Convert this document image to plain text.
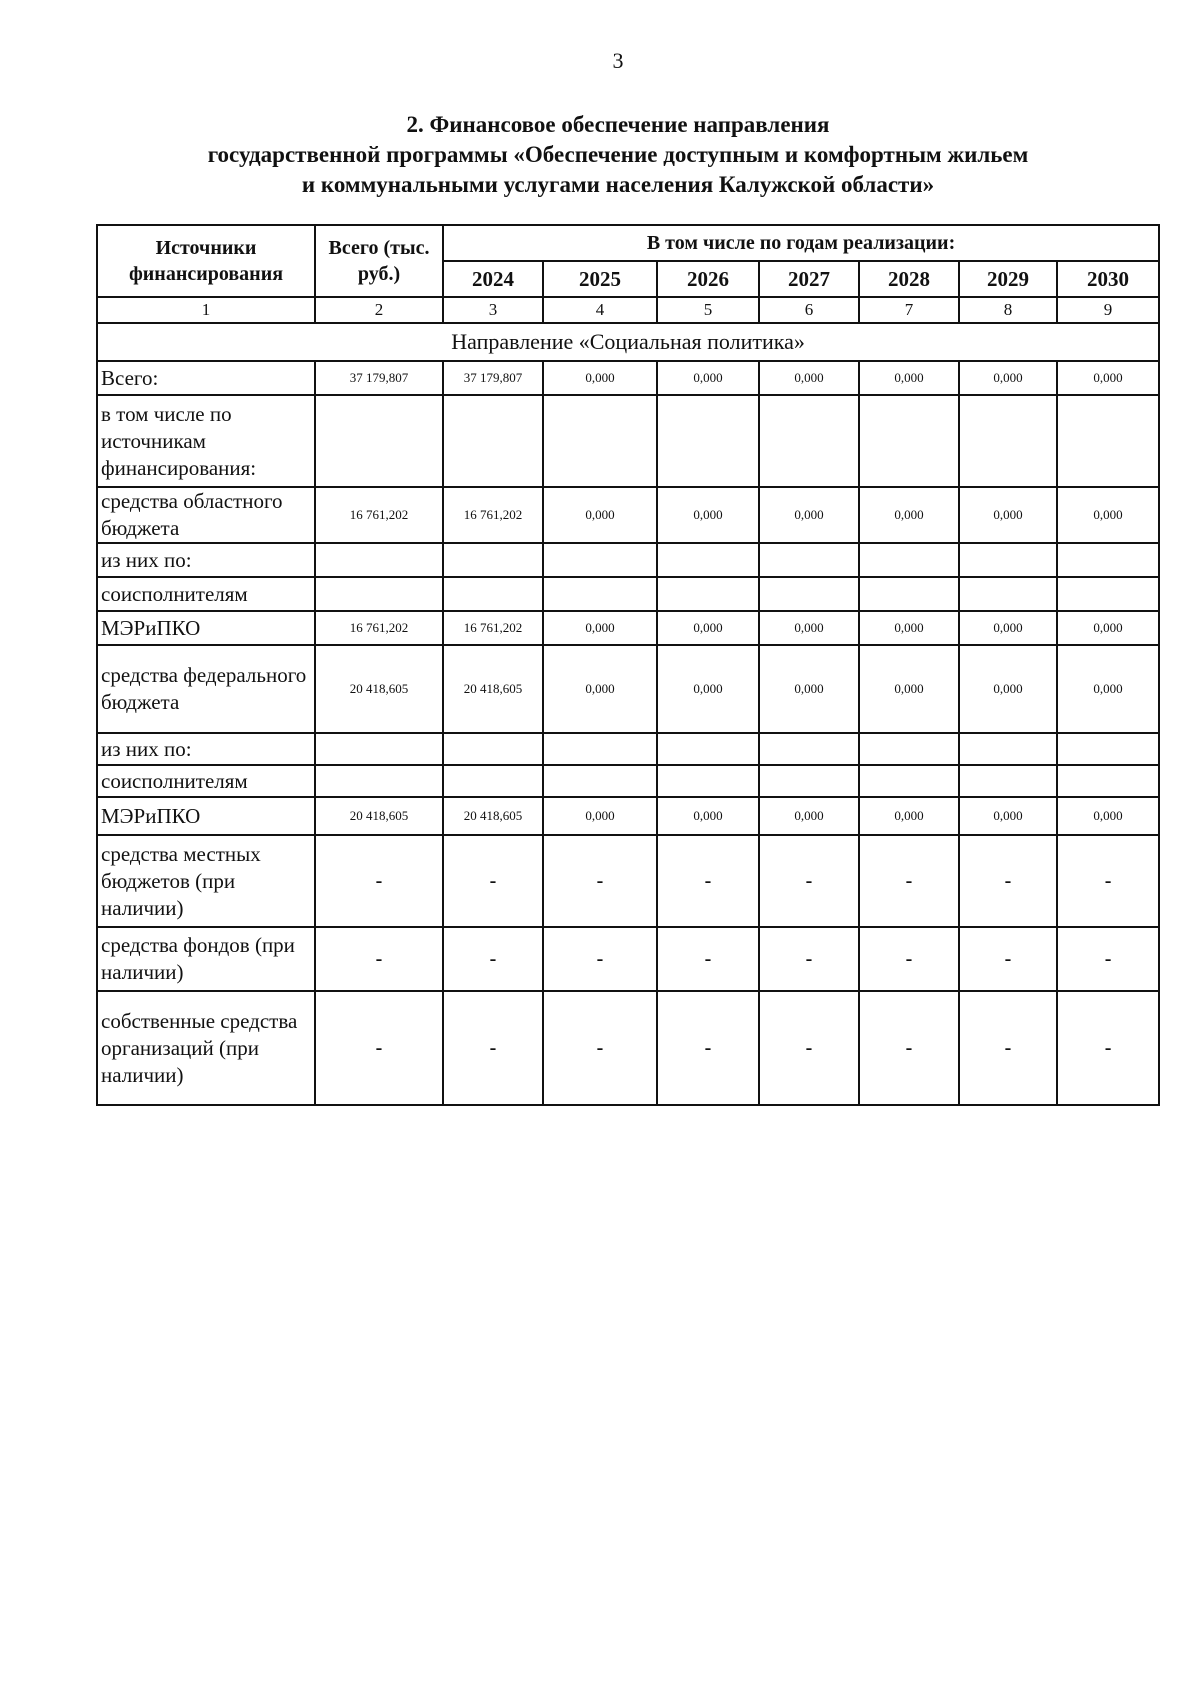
3
2. Финансовое обеспечение направления
государственной программы «Обеспечение доступным и комфортным жильем
и коммунальными услугами населения Калужской области»
Источники финансирования	Всего (тыс. руб.)	В том числе по годам реализации:						
		2024	2025	2026	2027	2028	2029	2030
1	2	3	4	5	6	7	8	9
Направление «Социальная политика»								
Всего:	37 179,807	37 179,807	0,000	0,000	0,000	0,000	0,000	0,000
в том числе по источникам финансирования:								
средства областного бюджета	16 761,202	16 761,202	0,000	0,000	0,000	0,000	0,000	0,000
из них по:								
соисполнителям								
МЭРиПКО	16 761,202	16 761,202	0,000	0,000	0,000	0,000	0,000	0,000
средства федерального бюджета	20 418,605	20 418,605	0,000	0,000	0,000	0,000	0,000	0,000
из них по:								
соисполнителям								
МЭРиПКО	20 418,605	20 418,605	0,000	0,000	0,000	0,000	0,000	0,000
средства местных бюджетов (при наличии)	-	-	-	-	-	-	-	-
средства фондов (при наличии)	-	-	-	-	-	-	-	-
собственные средства организаций (при наличии)	-	-	-	-	-	-	-	-
